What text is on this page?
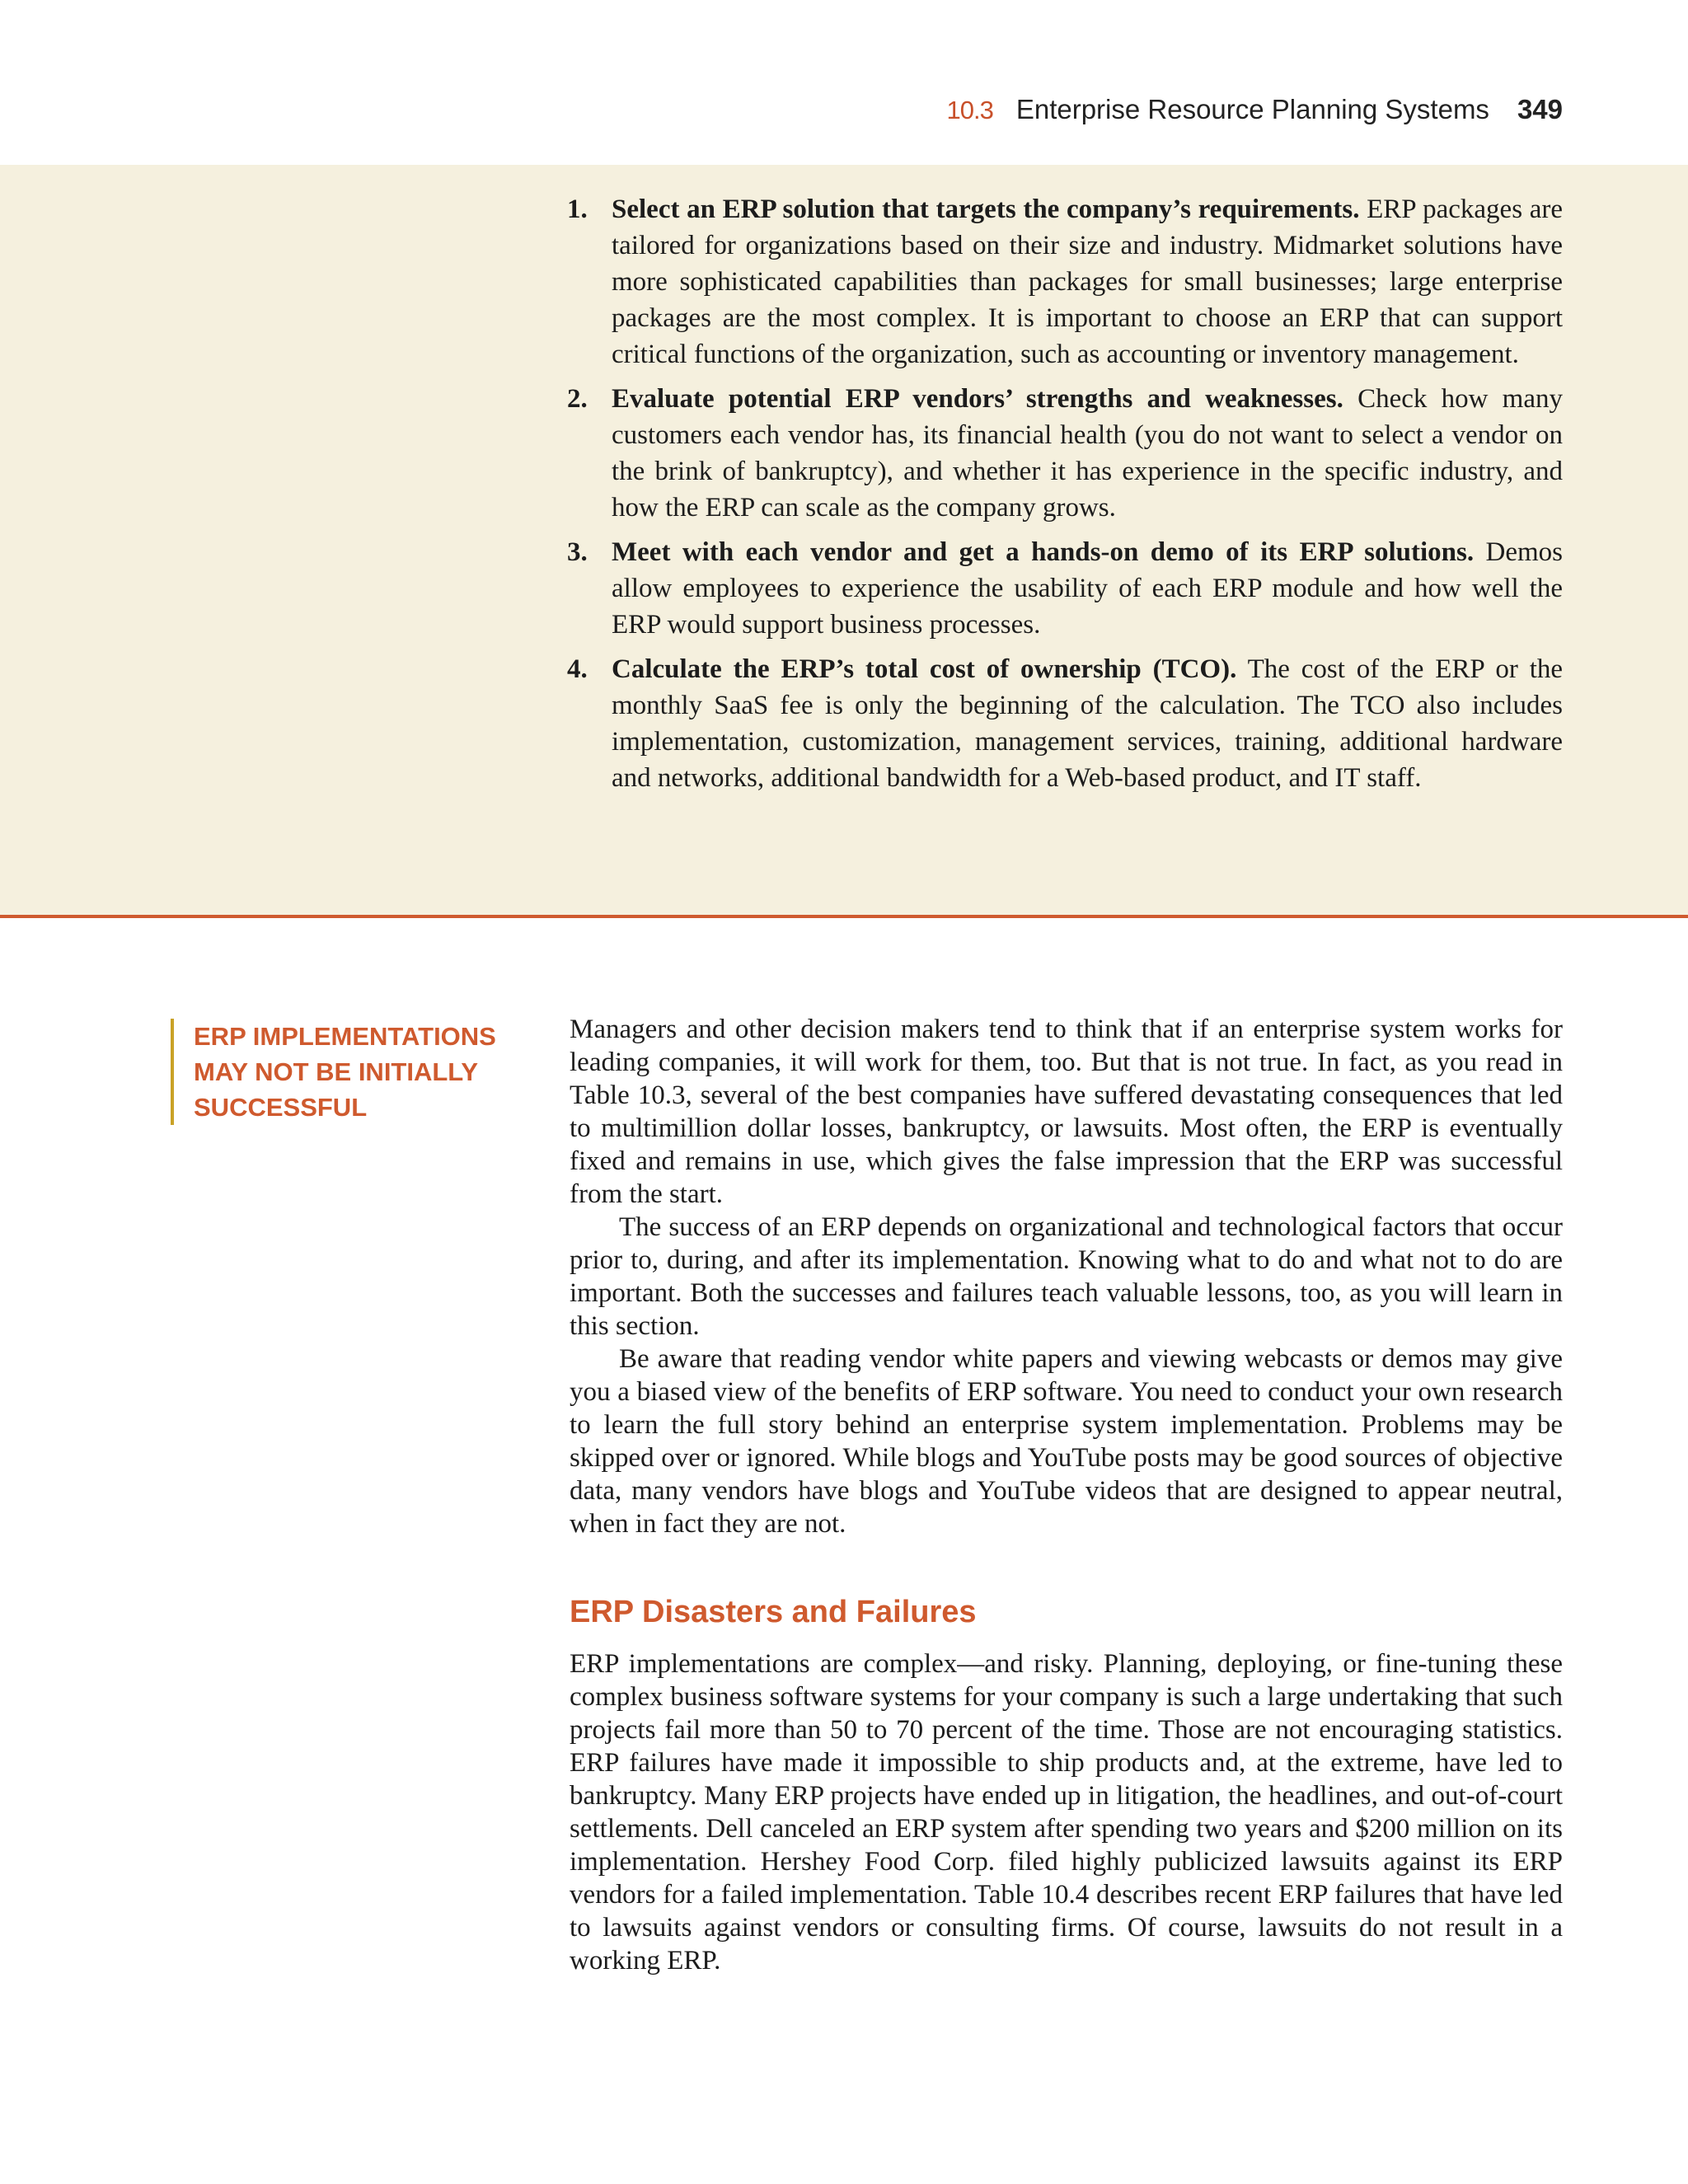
10.3 Enterprise Resource Planning Systems 349
1. Select an ERP solution that targets the company’s requirements. ERP packages are tailored for organizations based on their size and industry. Midmarket solutions have more sophisticated capabilities than packages for small businesses; large enterprise packages are the most complex. It is important to choose an ERP that can support critical functions of the organization, such as accounting or inventory management.
2. Evaluate potential ERP vendors’ strengths and weaknesses. Check how many customers each vendor has, its financial health (you do not want to select a vendor on the brink of bankruptcy), and whether it has experience in the specific industry, and how the ERP can scale as the company grows.
3. Meet with each vendor and get a hands-on demo of its ERP solutions. Demos allow employees to experience the usability of each ERP module and how well the ERP would support business processes.
4. Calculate the ERP’s total cost of ownership (TCO). The cost of the ERP or the monthly SaaS fee is only the beginning of the calculation. The TCO also includes implementation, customization, management services, training, additional hardware and networks, additional bandwidth for a Web-based product, and IT staff.
ERP IMPLEMENTATIONS MAY NOT BE INITIALLY SUCCESSFUL

Managers and other decision makers tend to think that if an enterprise system works for leading companies, it will work for them, too. But that is not true. In fact, as you read in Table 10.3, several of the best companies have suffered devastating consequences that led to multimillion dollar losses, bankruptcy, or lawsuits. Most often, the ERP is eventually fixed and remains in use, which gives the false impression that the ERP was successful from the start.

The success of an ERP depends on organizational and technological factors that occur prior to, during, and after its implementation. Knowing what to do and what not to do are important. Both the successes and failures teach valuable lessons, too, as you will learn in this section.

Be aware that reading vendor white papers and viewing webcasts or demos may give you a biased view of the benefits of ERP software. You need to conduct your own research to learn the full story behind an enterprise system implementation. Problems may be skipped over or ignored. While blogs and YouTube posts may be good sources of objective data, many vendors have blogs and YouTube videos that are designed to appear neutral, when in fact they are not.

ERP Disasters and Failures

ERP implementations are complex—and risky. Planning, deploying, or fine-tuning these complex business software systems for your company is such a large undertaking that such projects fail more than 50 to 70 percent of the time. Those are not encouraging statistics. ERP failures have made it impossible to ship products and, at the extreme, have led to bankruptcy. Many ERP projects have ended up in litigation, the headlines, and out-of-court settlements. Dell canceled an ERP system after spending two years and $200 million on its implementation. Hershey Food Corp. filed highly publicized lawsuits against its ERP vendors for a failed implementation. Table 10.4 describes recent ERP failures that have led to lawsuits against vendors or consulting firms. Of course, lawsuits do not result in a working ERP.
